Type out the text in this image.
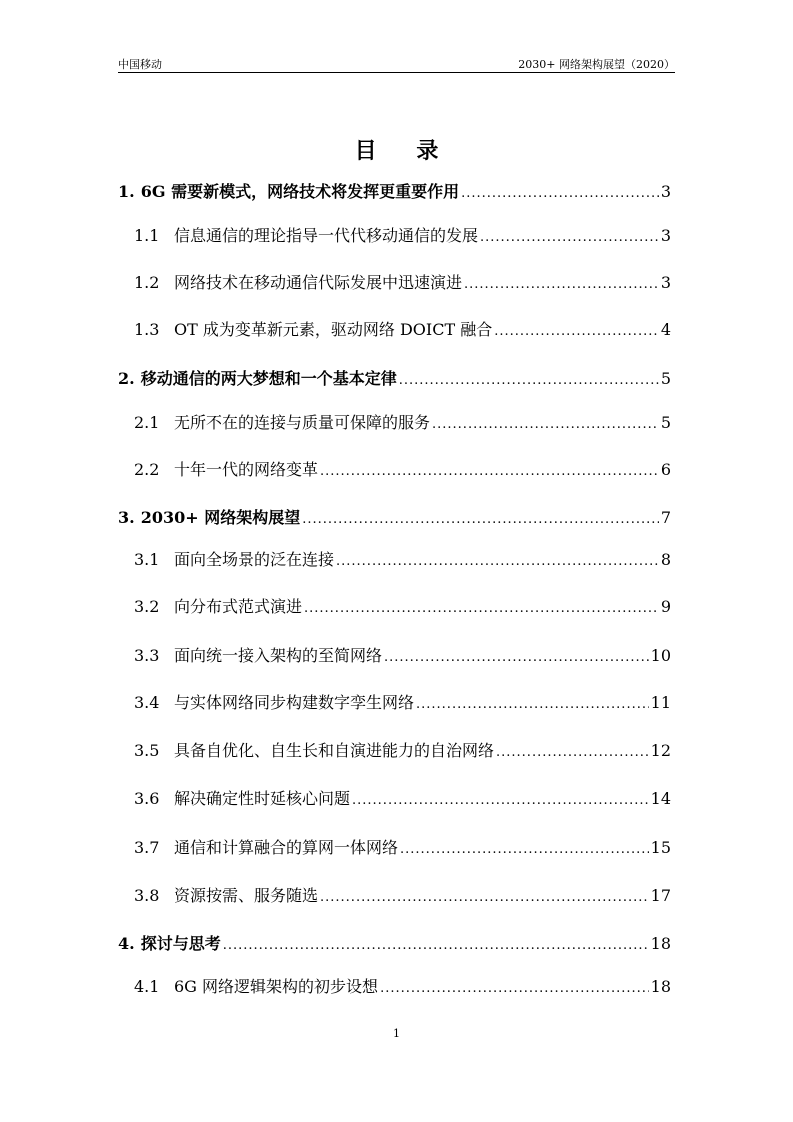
中国移动	2030+ 网络架构展望（2020）
目 录
1. 6G 需要新模式，网络技术将发挥更重要作用 .....	3
1.1 信息通信的理论指导一代代移动通信的发展 .....	3
1.2 网络技术在移动通信代际发展中迅速演进 .....	3
1.3 OT 成为变革新元素，驱动网络 DOICT 融合 .....	4
2. 移动通信的两大梦想和一个基本定律 .....	5
2.1 无所不在的连接与质量可保障的服务 .....	5
2.2 十年一代的网络变革 .....	6
3. 2030+ 网络架构展望 .....	7
3.1 面向全场景的泛在连接 .....	8
3.2 向分布式范式演进 .....	9
3.3 面向统一接入架构的至简网络 .....	10
3.4 与实体网络同步构建数字孪生网络 .....	11
3.5 具备自优化、自生长和自演进能力的自治网络 .....	12
3.6 解决确定性时延核心问题 .....	14
3.7 通信和计算融合的算网一体网络 .....	15
3.8 资源按需、服务随选 .....	17
4. 探讨与思考 .....	18
4.1 6G 网络逻辑架构的初步设想 .....	18
1
